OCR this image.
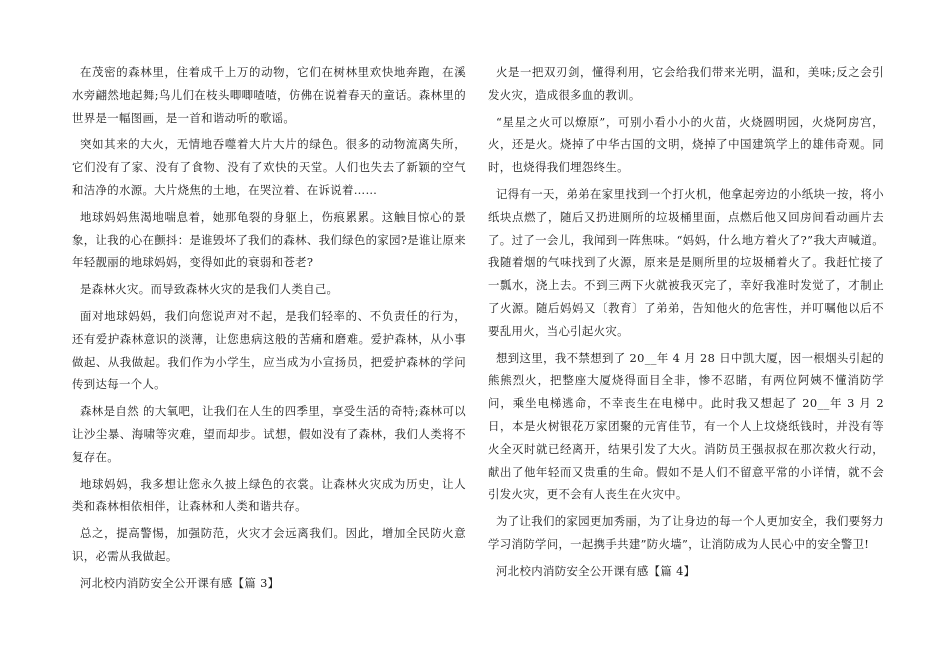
在茂密的森林里，住着成千上万的动物，它们在树林里欢快地奔跑，在溪水旁翩然地起舞;鸟儿们在枝头唧唧喳喳，仿佛在说着春天的童话。森林里的世界是一幅图画，是一首和谐动听的歌谣。

突如其来的大火，无情地吞噬着大片大片的绿色。很多的动物流离失所，它们没有了家、没有了食物、没有了欢快的天堂。人们也失去了新颖的空气和洁净的水源。大片烧焦的土地，在哭泣着、在诉说着……

地球妈妈焦渴地喘息着，她那龟裂的身躯上，伤痕累累。这触目惊心的景象，让我的心在颤抖：是谁毁坏了我们的森林、我们绿色的家园?是谁让原来年轻靓丽的地球妈妈，变得如此的衰弱和苍老?

是森林火灾。而导致森林火灾的是我们人类自己。

面对地球妈妈，我们向您说声对不起，是我们轻率的、不负责任的行为，还有爱护森林意识的淡薄，让您患病这般的苦痛和磨难。爱护森林，从小事做起、从我做起。我们作为小学生，应当成为小宣扬员，把爱护森林的学问传到达每一个人。

森林是自然 的大氧吧，让我们在人生的四季里，享受生活的奇特;森林可以让沙尘暴、海啸等灾难，望而却步。试想，假如没有了森林，我们人类将不复存在。

地球妈妈，我多想让您永久披上绿色的衣裳。让森林火灾成为历史，让人类和森林相依相伴，让森林和人类和谐共存。

总之，提高警惕，加强防范，火灾才会远离我们。因此，增加全民防火意识，必需从我做起。

河北校内消防安全公开课有感【篇 3】

火是一把双刃剑，懂得利用，它会给我们带来光明，温和，美味;反之会引发火灾，造成很多血的教训。

“星星之火可以燎原”，可别小看小小的火苗，火烧圆明园，火烧阿房宫，火，还是火。烧掉了中华古国的文明，烧掉了中国建筑学上的雄伟奇观。同时，也烧得我们埋怨终生。

记得有一天，弟弟在家里找到一个打火机，他拿起旁边的小纸块一按，将小纸块点燃了，随后又扔进厕所的垃圾桶里面，点燃后他又回房间看动画片去了。过了一会儿，我闻到一阵焦味。“妈妈，什么地方着火了?”我大声喊道。我随着烟的气味找到了火源，原来是是厕所里的垃圾桶着火了。我赶忙接了一瓢水，浇上去。不到三两下火就被我灭完了，幸好我准时发觉了，才制止了火源。随后妈妈又〔教育〕了弟弟，告知他火的危害性，并叮嘱他以后不要乱用火，当心引起火灾。

想到这里，我不禁想到了 20__年 4 月 28 日中凯大厦，因一根烟头引起的熊熊烈火，把整座大厦烧得面目全非，惨不忍睹，有两位阿姨不懂消防学问，乘坐电梯逃命，不幸丧生在电梯中。此时我又想起了 20__年 3 月 2 日，本是火树银花万家团聚的元宵佳节，有一个人上坟烧纸钱时，并没有等火全灭时就已经离开，结果引发了大火。消防员王强叔叔在那次救火行动，献出了他年轻而又贵重的生命。假如不是人们不留意平常的小详情，就不会引发火灾，更不会有人丧生在火灾中。

为了让我们的家园更加秀丽，为了让身边的每一个人更加安全，我们要努力学习消防学问，一起携手共建”防火墙”，让消防成为人民心中的安全警卫!

河北校内消防安全公开课有感【篇 4】
